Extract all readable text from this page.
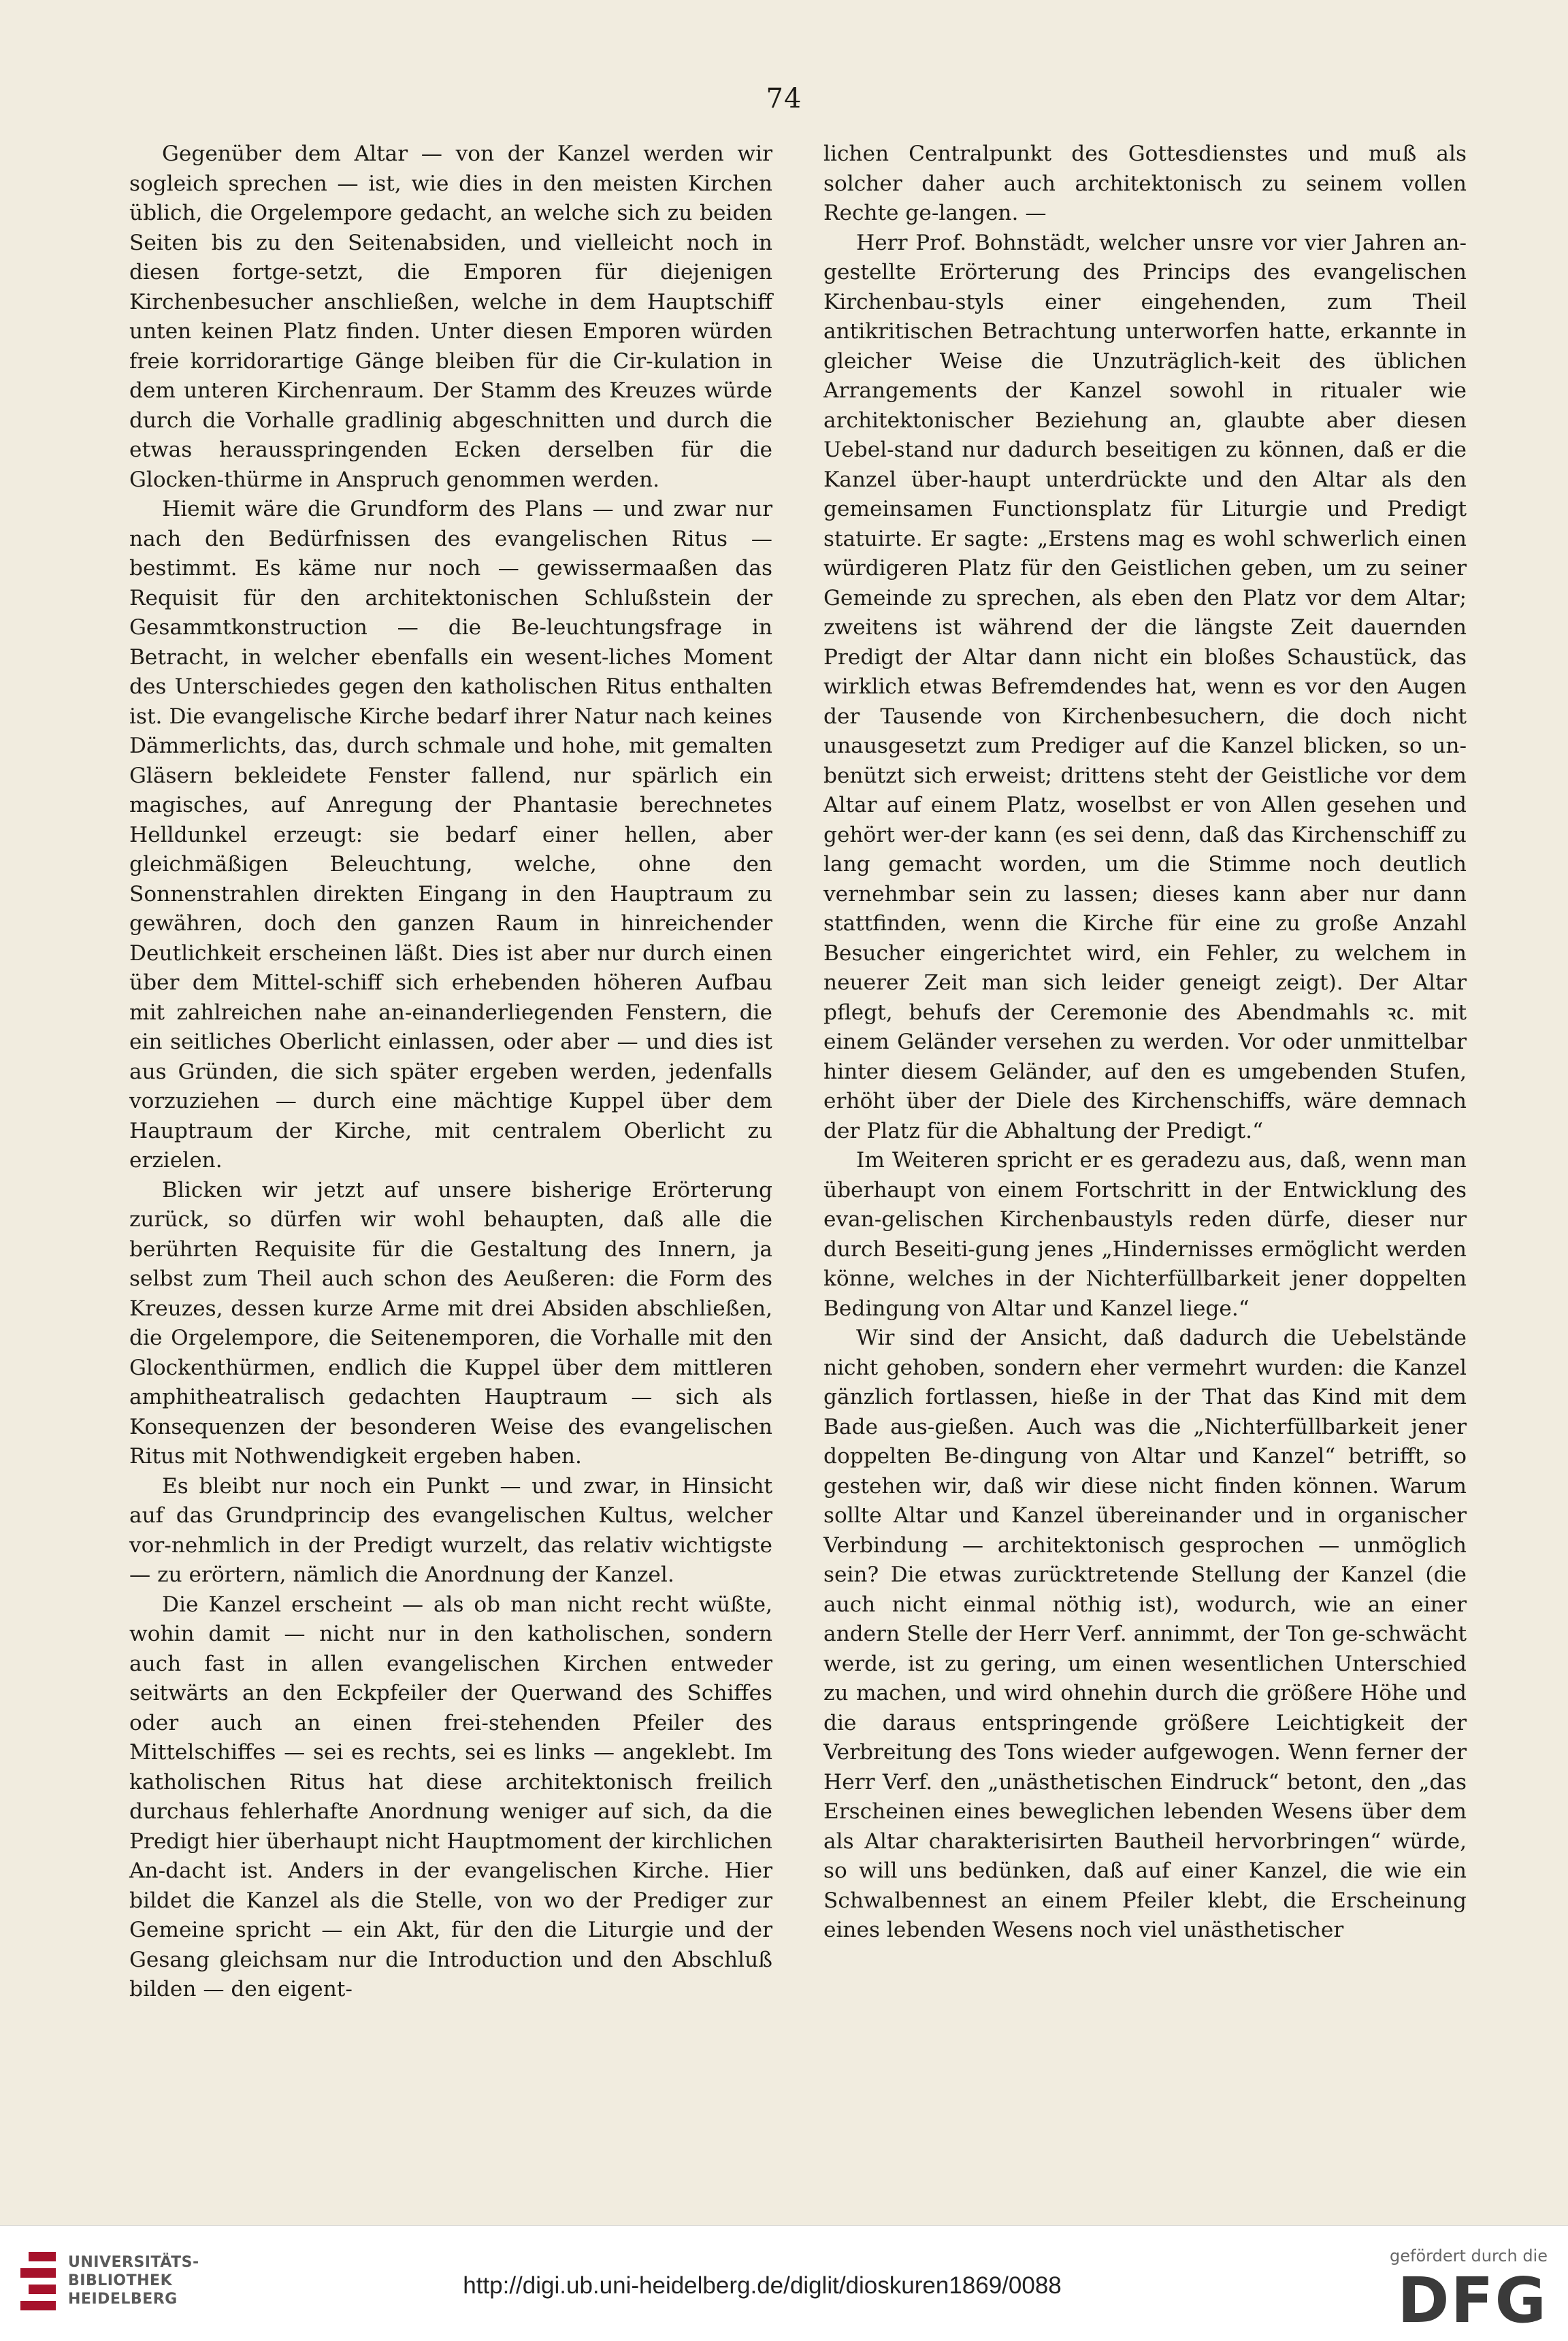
74

Gegenüber dem Altar — von der Kanzel werden wir sogleich sprechen — ist, wie dies in den meisten Kirchen üblich, die Orgelempore gedacht, an welche sich zu beiden Seiten bis zu den Seitenabsiden, und vielleicht noch in diesen fortge-setzt, die Emporen für diejenigen Kirchenbesucher anschließen, welche in dem Hauptschiff unten keinen Platz finden. Unter diesen Emporen würden freie korridorartige Gänge bleiben für die Cir-kulation in dem unteren Kirchenraum. Der Stamm des Kreuzes würde durch die Vorhalle gradlinig abgeschnitten und durch die etwas herausspringenden Ecken derselben für die Glocken-thürme in Anspruch genommen werden.

Hiemit wäre die Grundform des Plans — und zwar nur nach den Bedürfnissen des evangelischen Ritus — bestimmt. Es käme nur noch — gewissermaaßen das Requisit für den architektonischen Schlußstein der Gesammtkonstruction — die Be-leuchtungsfrage in Betracht, in welcher ebenfalls ein wesent-liches Moment des Unterschiedes gegen den katholischen Ritus enthalten ist. Die evangelische Kirche bedarf ihrer Natur nach keines Dämmerlichts, das, durch schmale und hohe, mit gemalten Gläsern bekleidete Fenster fallend, nur spärlich ein magisches, auf Anregung der Phantasie berechnetes Helldunkel erzeugt: sie bedarf einer hellen, aber gleichmäßigen Beleuchtung, welche, ohne den Sonnenstrahlen direkten Eingang in den Hauptraum zu gewähren, doch den ganzen Raum in hinreichender Deutlichkeit erscheinen läßt. Dies ist aber nur durch einen über dem Mittel-schiff sich erhebenden höheren Aufbau mit zahlreichen nahe an-einanderliegenden Fenstern, die ein seitliches Oberlicht einlassen, oder aber — und dies ist aus Gründen, die sich später ergeben werden, jedenfalls vorzuziehen — durch eine mächtige Kuppel über dem Hauptraum der Kirche, mit centralem Oberlicht zu erzielen.

Blicken wir jetzt auf unsere bisherige Erörterung zurück, so dürfen wir wohl behaupten, daß alle die berührten Requisite für die Gestaltung des Innern, ja selbst zum Theil auch schon des Aeußeren: die Form des Kreuzes, dessen kurze Arme mit drei Absiden abschließen, die Orgelempore, die Seitenemporen, die Vorhalle mit den Glockenthürmen, endlich die Kuppel über dem mittleren amphitheatralisch gedachten Hauptraum — sich als Konsequenzen der besonderen Weise des evangelischen Ritus mit Nothwendigkeit ergeben haben.

Es bleibt nur noch ein Punkt — und zwar, in Hinsicht auf das Grundprincip des evangelischen Kultus, welcher vor-nehmlich in der Predigt wurzelt, das relativ wichtigste — zu erörtern, nämlich die Anordnung der Kanzel.

Die Kanzel erscheint — als ob man nicht recht wüßte, wohin damit — nicht nur in den katholischen, sondern auch fast in allen evangelischen Kirchen entweder seitwärts an den Eckpfeiler der Querwand des Schiffes oder auch an einen frei-stehenden Pfeiler des Mittelschiffes — sei es rechts, sei es links — angeklebt. Im katholischen Ritus hat diese architektonisch freilich durchaus fehlerhafte Anordnung weniger auf sich, da die Predigt hier überhaupt nicht Hauptmoment der kirchlichen An-dacht ist. Anders in der evangelischen Kirche. Hier bildet die Kanzel als die Stelle, von wo der Prediger zur Gemeine spricht — ein Akt, für den die Liturgie und der Gesang gleichsam nur die Introduction und den Abschluß bilden — den eigent-

lichen Centralpunkt des Gottesdienstes und muß als solcher daher auch architektonisch zu seinem vollen Rechte ge-langen. —

Herr Prof. Bohnstädt, welcher unsre vor vier Jahren an-gestellte Erörterung des Princips des evangelischen Kirchenbau-styls einer eingehenden, zum Theil antikritischen Betrachtung unterworfen hatte, erkannte in gleicher Weise die Unzuträglich-keit des üblichen Arrangements der Kanzel sowohl in ritualer wie architektonischer Beziehung an, glaubte aber diesen Uebel-stand nur dadurch beseitigen zu können, daß er die Kanzel über-haupt unterdrückte und den Altar als den gemeinsamen Functionsplatz für Liturgie und Predigt statuirte. Er sagte: „Erstens mag es wohl schwerlich einen würdigeren Platz für den Geistlichen geben, um zu seiner Gemeinde zu sprechen, als eben den Platz vor dem Altar; zweitens ist während der die längste Zeit dauernden Predigt der Altar dann nicht ein bloßes Schaustück, das wirklich etwas Befremdendes hat, wenn es vor den Augen der Tausende von Kirchenbesuchern, die doch nicht unausgesetzt zum Prediger auf die Kanzel blicken, so un-benützt sich erweist; drittens steht der Geistliche vor dem Altar auf einem Platz, woselbst er von Allen gesehen und gehört wer-der kann (es sei denn, daß das Kirchenschiff zu lang gemacht worden, um die Stimme noch deutlich vernehmbar sein zu lassen; dieses kann aber nur dann stattfinden, wenn die Kirche für eine zu große Anzahl Besucher eingerichtet wird, ein Fehler, zu welchem in neuerer Zeit man sich leider geneigt zeigt). Der Altar pflegt, behufs der Ceremonie des Abendmahls ꝛc. mit einem Geländer versehen zu werden. Vor oder unmittelbar hinter diesem Geländer, auf den es umgebenden Stufen, erhöht über der Diele des Kirchenschiffs, wäre demnach der Platz für die Abhaltung der Predigt.“

Im Weiteren spricht er es geradezu aus, daß, wenn man überhaupt von einem Fortschritt in der Entwicklung des evan-gelischen Kirchenbaustyls reden dürfe, dieser nur durch Beseiti-gung jenes „Hindernisses ermöglicht werden könne, welches in der Nichterfüllbarkeit jener doppelten Bedingung von Altar und Kanzel liege.“

Wir sind der Ansicht, daß dadurch die Uebelstände nicht gehoben, sondern eher vermehrt wurden: die Kanzel gänzlich fortlassen, hieße in der That das Kind mit dem Bade aus-gießen. Auch was die „Nichterfüllbarkeit jener doppelten Be-dingung von Altar und Kanzel“ betrifft, so gestehen wir, daß wir diese nicht finden können. Warum sollte Altar und Kanzel übereinander und in organischer Verbindung — architektonisch gesprochen — unmöglich sein? Die etwas zurücktretende Stellung der Kanzel (die auch nicht einmal nöthig ist), wodurch, wie an einer andern Stelle der Herr Verf. annimmt, der Ton ge-schwächt werde, ist zu gering, um einen wesentlichen Unterschied zu machen, und wird ohnehin durch die größere Höhe und die daraus entspringende größere Leichtigkeit der Verbreitung des Tons wieder aufgewogen. Wenn ferner der Herr Verf. den „unästhetischen Eindruck“ betont, den „das Erscheinen eines beweglichen lebenden Wesens über dem als Altar charakterisirten Bautheil hervorbringen“ würde, so will uns bedünken, daß auf einer Kanzel, die wie ein Schwalbennest an einem Pfeiler klebt, die Erscheinung eines lebenden Wesens noch viel unästhetischer

UNIVERSITÄTS-
BIBLIOTHEK
HEIDELBERG	http://digi.ub.uni-heidelberg.de/diglit/dioskuren1869/0088
gefördert durch die
DFG
